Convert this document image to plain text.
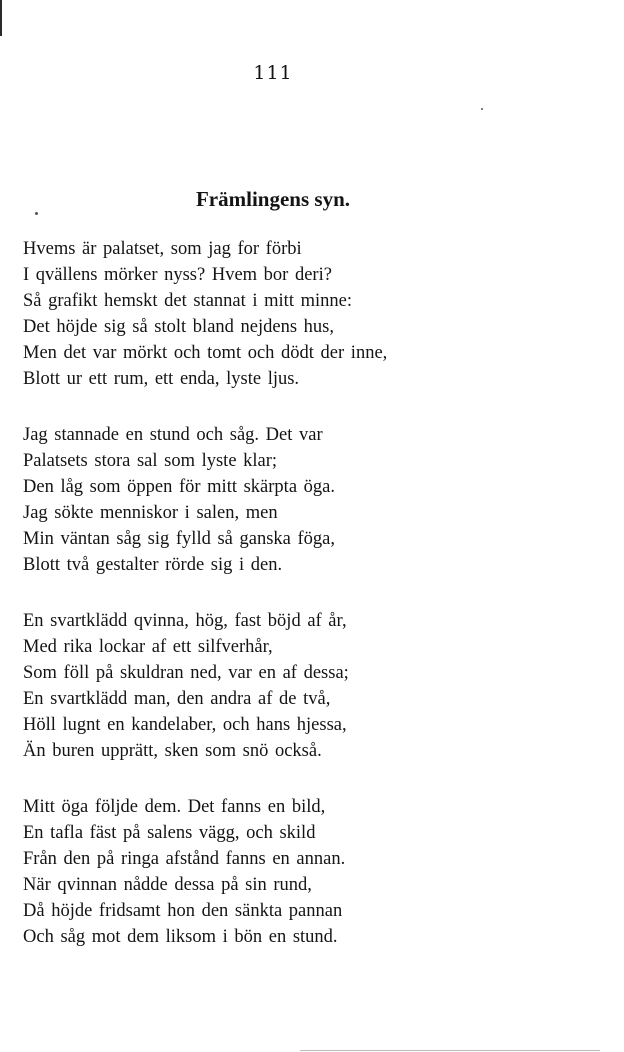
111
Främlingens syn.
Hvems är palatset, som jag for förbi
I qvällens mörker nyss? Hvem bor deri?
Så grafikt hemskt det stannat i mitt minne:
Det höjde sig så stolt bland nejdens hus,
Men det var mörkt och tomt och dödt der inne,
Blott ur ett rum, ett enda, lyste ljus.
Jag stannade en stund och såg. Det var
Palatsets stora sal som lyste klar;
Den låg som öppen för mitt skärpta öga.
Jag sökte menniskor i salen, men
Min väntan såg sig fylld så ganska föga,
Blott två gestalter rörde sig i den.
En svartklädd qvinna, hög, fast böjd af år,
Med rika lockar af ett silfverhår,
Som föll på skuldran ned, var en af dessa;
En svartklädd man, den andra af de två,
Höll lugnt en kandelaber, och hans hjessa,
Än buren upprätt, sken som snö också.
Mitt öga följde dem. Det fanns en bild,
En tafla fäst på salens vägg, och skild
Från den på ringa afstånd fanns en annan.
När qvinnan nådde dessa på sin rund,
Då höjde fridsamt hon den sänkta pannan
Och såg mot dem liksom i bön en stund.
